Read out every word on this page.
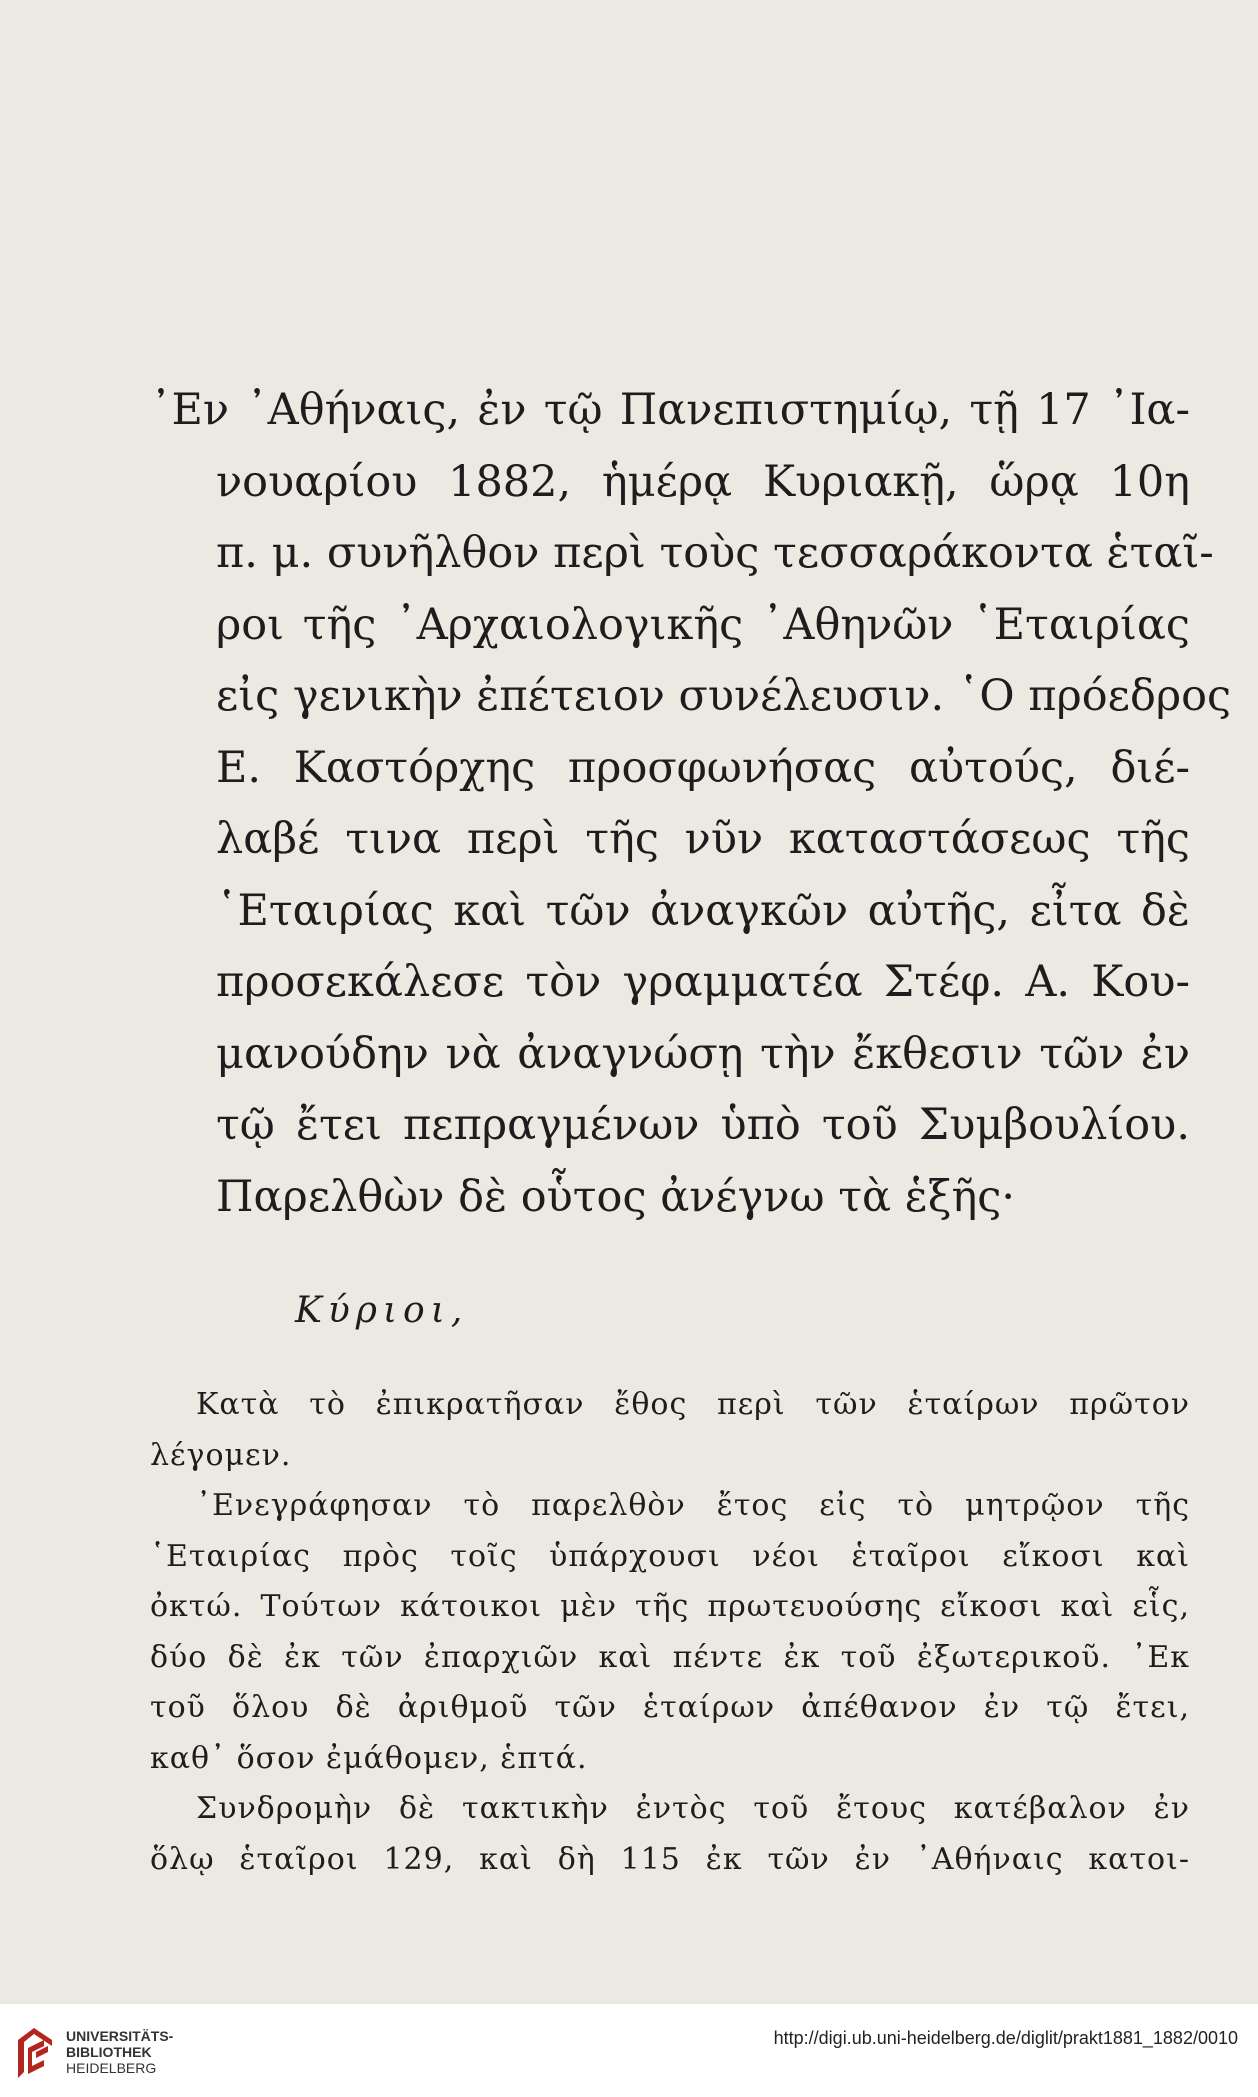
᾿Εν ᾿Αθήναις, ἐν τῷ Πανεπιστημίῳ, τῇ 17 ᾿Ια-
νουαρίου 1882, ἡμέρᾳ Κυριακῇ, ὥρᾳ 10η
π. μ. συνῆλθον περὶ τοὺς τεσσαράκοντα ἑταῖ-
ροι τῆς ᾿Αρχαιολογικῆς ᾿Αθηνῶν ῾Εταιρίας
εἰς γενικὴν ἐπέτειον συνέλευσιν. ῾Ο πρόεδρος
Ε. Καστόρχης προσφωνήσας αὐτούς, διέ-
λαβέ τινα περὶ τῆς νῦν καταστάσεως τῆς
῾Εταιρίας καὶ τῶν ἀναγκῶν αὐτῆς, εἶτα δὲ
προσεκάλεσε τὸν γραμματέα Στέφ. Α. Κου-
μανούδην νὰ ἀναγνώσῃ τὴν ἔκθεσιν τῶν ἐν
τῷ ἔτει πεπραγμένων ὑπὸ τοῦ Συμβουλίου.
Παρελθὼν δὲ οὗτος ἀνέγνω τὰ ἑξῆς·
Κύριοι,
Κατὰ τὸ ἐπικρατῆσαν ἔθος περὶ τῶν ἑταίρων πρῶτον
λέγομεν.
᾿Ενεγράφησαν τὸ παρελθὸν ἔτος εἰς τὸ μητρῷον τῆς
῾Εταιρίας πρὸς τοῖς ὑπάρχουσι νέοι ἑταῖροι εἴκοσι καὶ
ὀκτώ. Τούτων κάτοικοι μὲν τῆς πρωτευούσης εἴκοσι καὶ εἷς,
δύο δὲ ἐκ τῶν ἐπαρχιῶν καὶ πέντε ἐκ τοῦ ἐξωτερικοῦ. ᾿Εκ
τοῦ ὅλου δὲ ἀριθμοῦ τῶν ἑταίρων ἀπέθανον ἐν τῷ ἔτει,
καθ᾿ ὅσον ἐμάθομεν, ἑπτά.
Συνδρομὴν δὲ τακτικὴν ἐντὸς τοῦ ἔτους κατέβαλον ἐν
ὅλῳ ἑταῖροι 129, καὶ δὴ 115 ἐκ τῶν ἐν ᾿Αθήναις κατοι-
UNIVERSITÄTS-
BIBLIOTHEK
HEIDELBERG
http://digi.ub.uni-heidelberg.de/diglit/prakt1881_1882/0010
